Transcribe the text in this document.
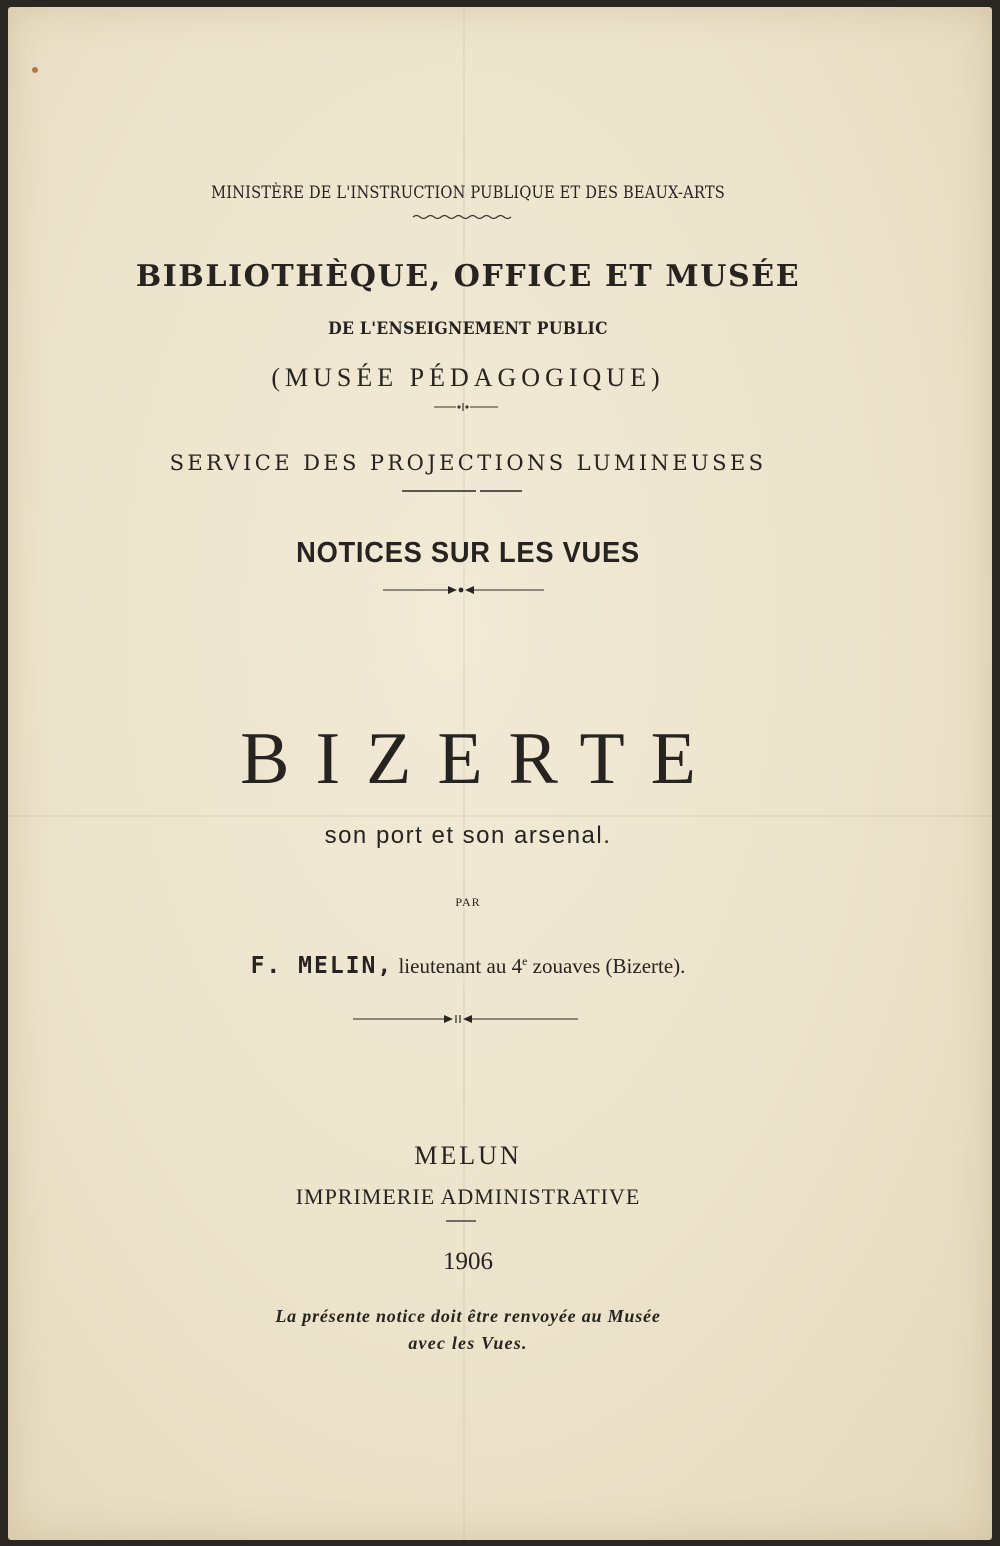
MINISTÈRE DE L'INSTRUCTION PUBLIQUE ET DES BEAUX-ARTS
BIBLIOTHÈQUE, OFFICE ET MUSÉE
DE L'ENSEIGNEMENT PUBLIC
(MUSÉE PÉDAGOGIQUE)
SERVICE DES PROJECTIONS LUMINEUSES
NOTICES SUR LES VUES
BIZERTE
son port et son arsenal.
PAR
F. MELIN, lieutenant au 4e zouaves (Bizerte).
MELUN
IMPRIMERIE ADMINISTRATIVE
1906
La présente notice doit être renvoyée au Musée
avec les Vues.
